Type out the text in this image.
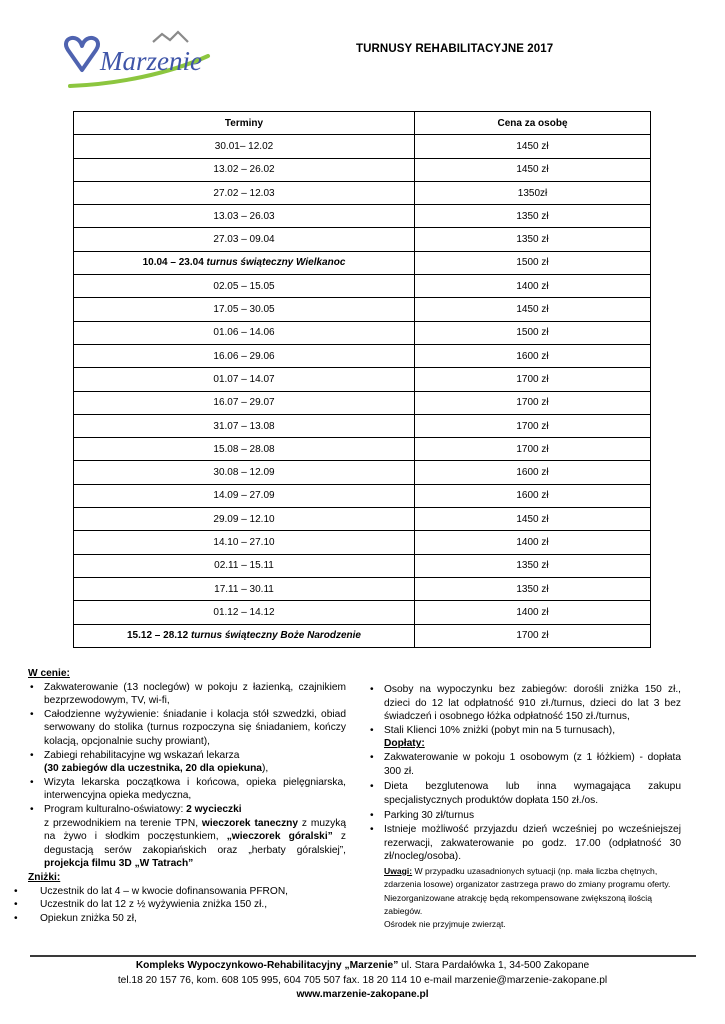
Marzenie	TURNUSY REHABILITACYJNE 2017
Terminy	Cena za osobę
30.01– 12.02	1450 zł
13.02 – 26.02	1450 zł
27.02 – 12.03	1350zł
13.03 – 26.03	1350 zł
27.03 – 09.04	1350 zł
10.04 – 23.04 turnus świąteczny Wielkanoc	1500 zł
02.05 – 15.05	1400 zł
17.05 – 30.05	1450 zł
01.06 – 14.06	1500 zł
16.06 – 29.06	1600 zł
01.07 – 14.07	1700 zł
16.07 – 29.07	1700 zł
31.07 – 13.08	1700 zł
15.08 – 28.08	1700 zł
30.08 – 12.09	1600 zł
14.09 – 27.09	1600 zł
29.09 – 12.10	1450 zł
14.10 – 27.10	1400 zł
02.11 – 15.11	1350 zł
17.11 – 30.11	1350 zł
01.12 – 14.12	1400 zł
15.12 – 28.12 turnus świąteczny Boże Narodzenie	1700 zł
W cenie:
• Zakwaterowanie (13 noclegów) w pokoju z łazienką, czajnikiem bezprzewodowym, TV, wi-fi,
• Całodzienne wyżywienie: śniadanie i kolacja stół szwedzki, obiad serwowany do stolika (turnus rozpoczyna się śniadaniem, kończy kolacją, opcjonalnie suchy prowiant),
• Zabiegi rehabilitacyjne wg wskazań lekarza
(30 zabiegów dla uczestnika, 20 dla opiekuna),
• Wizyta lekarska początkowa i końcowa, opieka pielęgniarska, interwencyjna opieka medyczna,
• Program kulturalno-oświatowy: 2 wycieczki
z przewodnikiem na terenie TPN, wieczorek taneczny z muzyką na żywo i słodkim poczęstunkiem, „wieczorek góralski” z degustacją serów zakopiańskich oraz „herbaty góralskiej”, projekcja filmu 3D „W Tatrach”
Zniżki:
• Uczestnik do lat 4 – w kwocie dofinansowania PFRON,
• Uczestnik do lat 12 z ½ wyżywienia zniżka 150 zł.,
• Opiekun zniżka 50 zł,
• Osoby na wypoczynku bez zabiegów: dorośli zniżka 150 zł., dzieci do 12 lat odpłatność 910 zł./turnus, dzieci do lat 3 bez świadczeń i osobnego łóżka odpłatność 150 zł./turnus,
• Stali Klienci 10% zniżki (pobyt min na 5 turnusach),
Dopłaty:
• Zakwaterowanie w pokoju 1 osobowym (z 1 łóżkiem) - dopłata 300 zł.
• Dieta bezglutenowa lub inna wymagająca zakupu specjalistycznych produktów dopłata 150 zł./os.
• Parking 30 zł/turnus
• Istnieje możliwość przyjazdu dzień wcześniej po wcześniejszej rezerwacji, zakwaterowanie po godz. 17.00 (odpłatność 30 zł/nocleg/osoba).
Uwagi: W przypadku uzasadnionych sytuacji (np. mała liczba chętnych, zdarzenia losowe) organizator zastrzega prawo do zmiany programu oferty. Niezorganizowane atrakcję będą rekompensowane zwiększoną ilością zabiegów.
Ośrodek nie przyjmuje zwierząt.
Kompleks Wypoczynkowo-Rehabilitacyjny „Marzenie” ul. Stara Pardałówka 1, 34-500 Zakopane
tel.18 20 157 76, kom. 608 105 995, 604 705 507 fax. 18 20 114 10 e-mail marzenie@marzenie-zakopane.pl
www.marzenie-zakopane.pl
